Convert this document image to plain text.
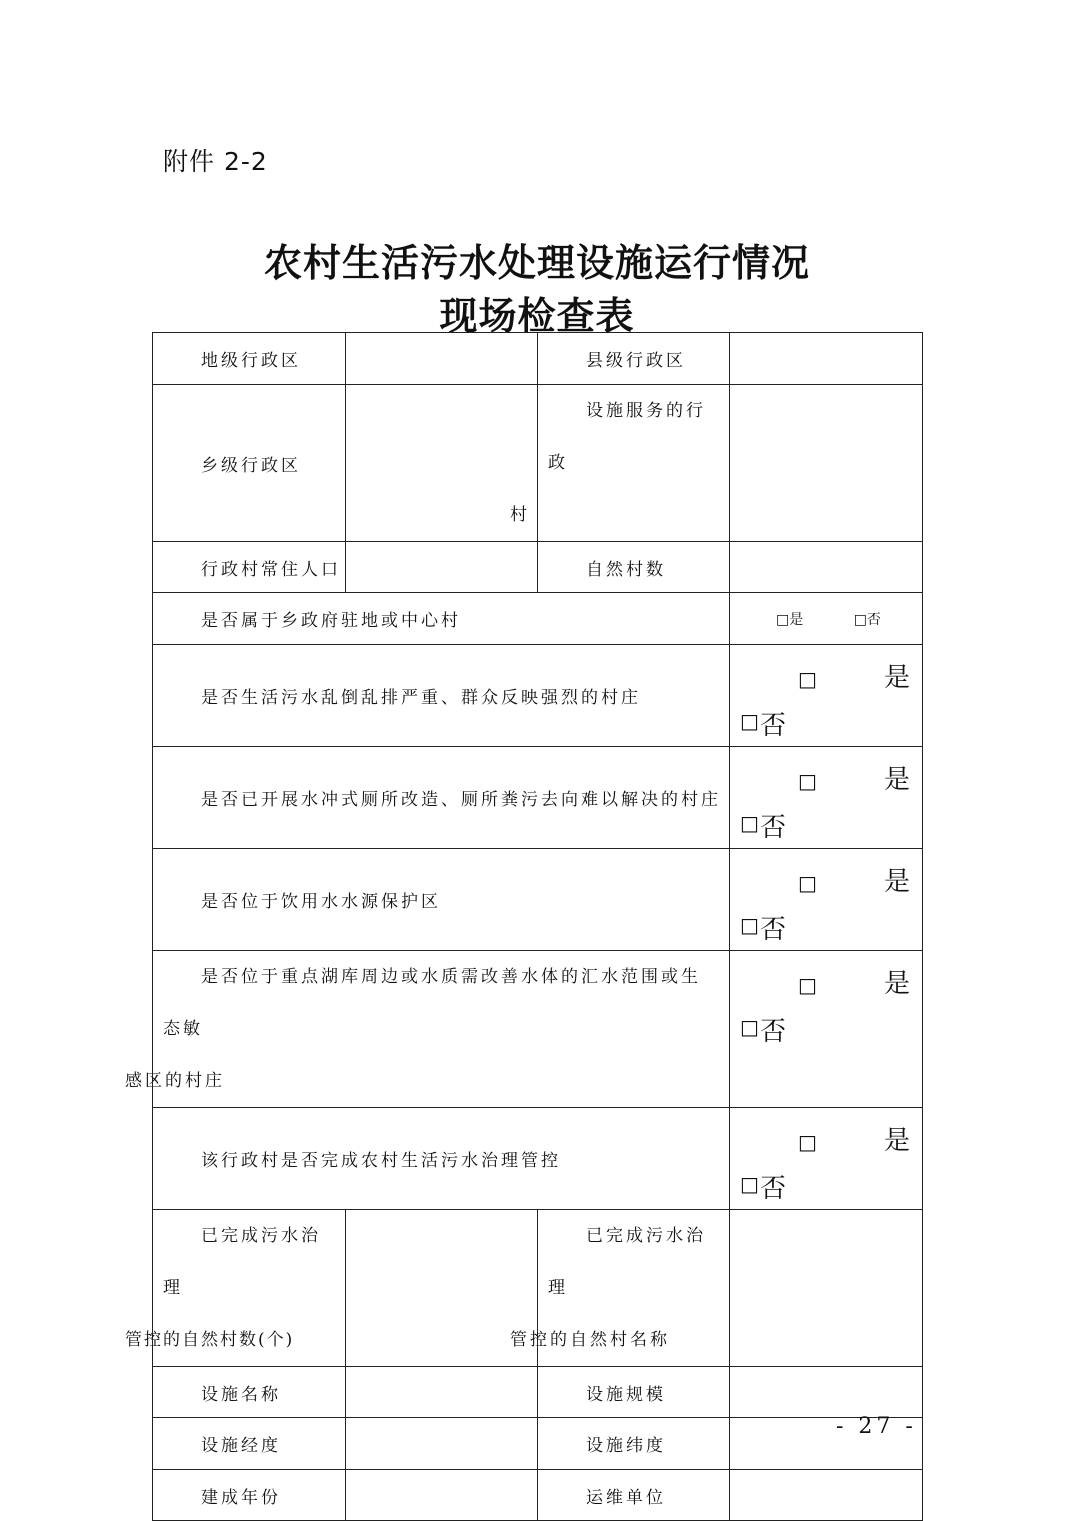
附件 2-2
农村生活污水处理设施运行情况
现场检查表
地级行政区		县级行政区	
乡级行政区		设施服务的行政
村	
行政村常住人口		自然村数	
是否属于乡政府驻地或中心村			□是 □否
是否生活污水乱倒乱排严重、群众反映强烈的村庄			□ 是
□ 否

是否已开展水冲式厕所改造、厕所粪污去向难以解决的村庄			□ 是
□ 否

是否位于饮用水水源保护区			□ 是
□ 否

是否位于重点湖库周边或水质需改善水体的汇水范围或生态敏
感区的村庄			□ 是
□ 否

该行政村是否完成农村生活污水治理管控			□ 是
□ 否

已完成污水治理
管控的自然村数(个)		已完成污水治理
管控的自然村名称	
设施名称		设施规模	
设施经度		设施纬度	
建成年份		运维单位	
- 27 -
